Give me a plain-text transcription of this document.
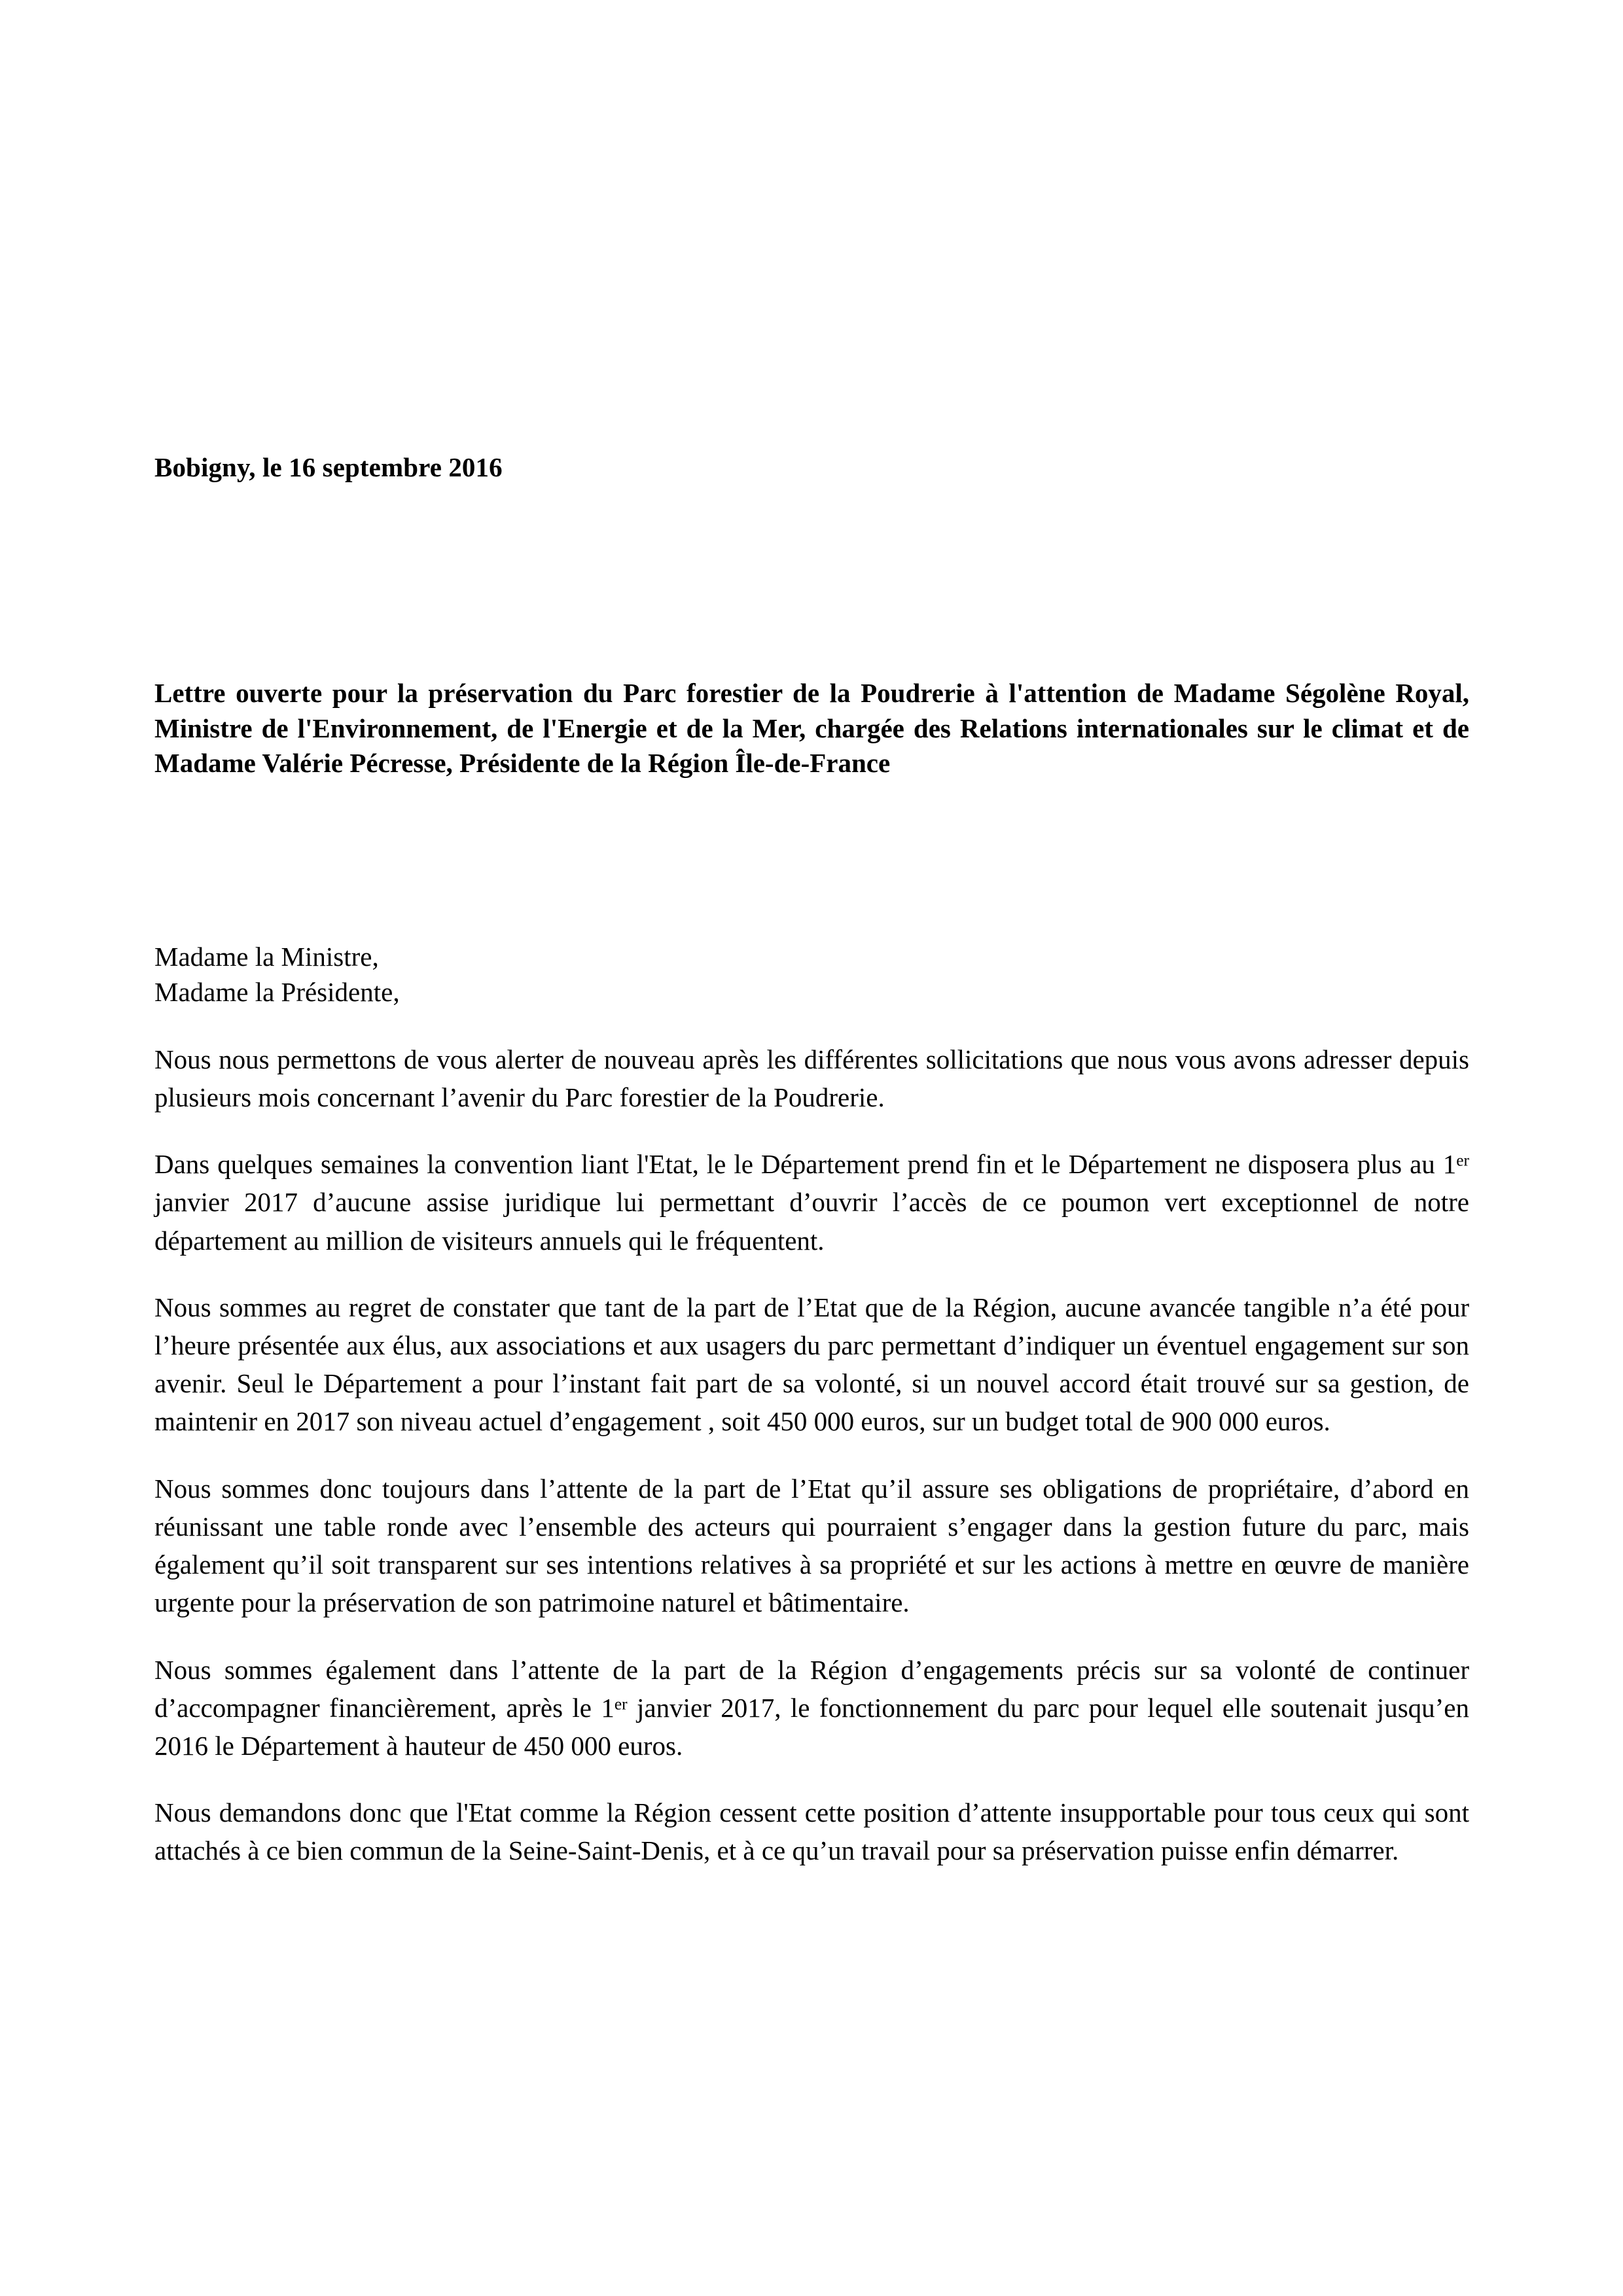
Bobigny, le 16 septembre 2016
Lettre ouverte pour la préservation du Parc forestier de la Poudrerie à l'attention de Madame Ségolène Royal, Ministre de l'Environnement, de l'Energie et de la Mer, chargée des Relations internationales sur le climat et de Madame Valérie Pécresse, Présidente de la Région Île-de-France
Madame la Ministre,
Madame la Présidente,

Nous nous permettons de vous alerter de nouveau après les différentes sollicitations que nous vous avons adresser depuis plusieurs mois concernant l’avenir du Parc forestier de la Poudrerie.

Dans quelques semaines la convention liant l'Etat, le le Département prend fin et le Département ne disposera plus au 1er janvier 2017 d’aucune assise juridique lui permettant d’ouvrir l’accès de ce poumon vert exceptionnel de notre département au million de visiteurs annuels qui le fréquentent.

Nous sommes au regret de constater que tant de la part de l’Etat que de la Région, aucune avancée tangible n’a été pour l’heure présentée aux élus, aux associations et aux usagers du parc permettant d’indiquer un éventuel engagement sur son avenir. Seul le Département a pour l’instant fait part de sa volonté, si un nouvel accord était trouvé sur sa gestion, de maintenir en 2017 son niveau actuel d’engagement , soit 450 000 euros, sur un budget total de 900 000 euros.

Nous sommes donc toujours dans l’attente de la part de l’Etat qu’il assure ses obligations de propriétaire, d’abord en réunissant une table ronde avec l’ensemble des acteurs qui pourraient s’engager dans la gestion future du parc, mais également qu’il soit transparent sur ses intentions relatives à sa propriété et sur les actions à mettre en œuvre de manière urgente pour la préservation de son patrimoine naturel et bâtimentaire.

Nous sommes également dans l’attente de la part de la Région d’engagements précis sur sa volonté de continuer d’accompagner financièrement, après le 1er janvier 2017, le fonctionnement du parc pour lequel elle soutenait jusqu’en 2016 le Département à hauteur de 450 000 euros.

Nous demandons donc que l'Etat comme la Région cessent cette position d’attente insupportable pour tous ceux qui sont attachés à ce bien commun de la Seine-Saint-Denis, et à ce qu’un travail pour sa préservation puisse enfin démarrer.
